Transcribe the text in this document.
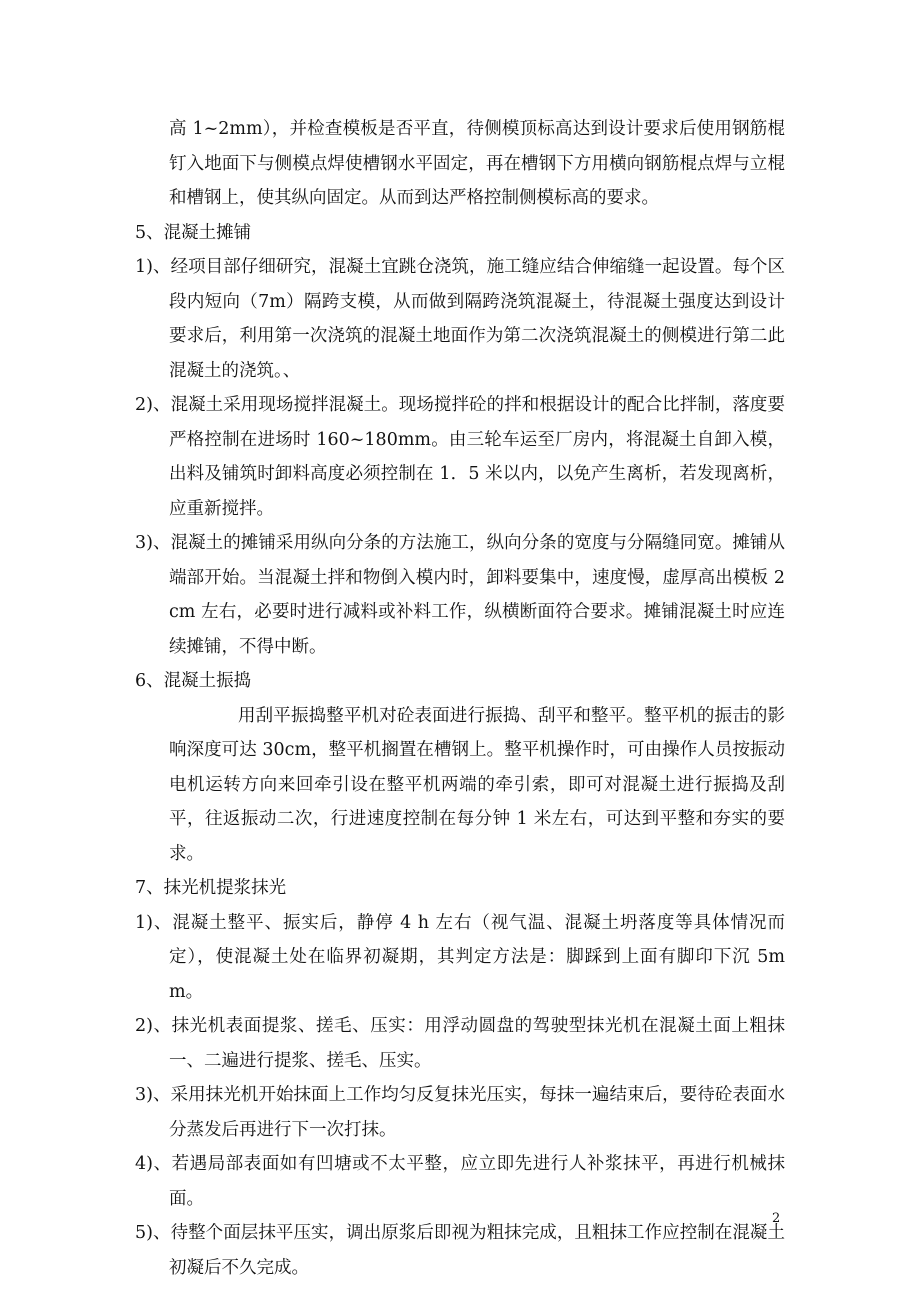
高 1~2mm），并检查模板是否平直，待侧模顶标高达到设计要求后使用钢筋棍钉入地面下与侧模点焊使槽钢水平固定，再在槽钢下方用横向钢筋棍点焊与立棍和槽钢上，使其纵向固定。从而到达严格控制侧模标高的要求。

5、混凝土摊铺

1)、经项目部仔细研究，混凝土宜跳仓浇筑，施工缝应结合伸缩缝一起设置。每个区段内短向（7m）隔跨支模，从而做到隔跨浇筑混凝土，待混凝土强度达到设计要求后，利用第一次浇筑的混凝土地面作为第二次浇筑混凝土的侧模进行第二此混凝土的浇筑。、

2)、混凝土采用现场搅拌混凝土。现场搅拌砼的拌和根据设计的配合比拌制，落度要严格控制在进场时 160~180mm。由三轮车运至厂房内，将混凝土自卸入模，出料及铺筑时卸料高度必须控制在 1．5 米以内，以免产生离析，若发现离析，应重新搅拌。

3)、混凝土的摊铺采用纵向分条的方法施工，纵向分条的宽度与分隔缝同宽。摊铺从端部开始。当混凝土拌和物倒入模内时，卸料要集中，速度慢，虚厚高出模板 2cm 左右，必要时进行减料或补料工作，纵横断面符合要求。摊铺混凝土时应连续摊铺，不得中断。

6、混凝土振捣

用刮平振捣整平机对砼表面进行振捣、刮平和整平。整平机的振击的影响深度可达 30cm，整平机搁置在槽钢上。整平机操作时，可由操作人员按振动电机运转方向来回牵引设在整平机两端的牵引索，即可对混凝土进行振捣及刮平，往返振动二次，行进速度控制在每分钟 1 米左右，可达到平整和夯实的要求。

7、抹光机提浆抹光

1)、混凝土整平、振实后，静停 4 h 左右（视气温、混凝土坍落度等具体情况而定），使混凝土处在临界初凝期，其判定方法是：脚踩到上面有脚印下沉 5mm。

2)、抹光机表面提浆、搓毛、压实：用浮动圆盘的驾驶型抹光机在混凝土面上粗抹一、二遍进行提浆、搓毛、压实。

3)、采用抹光机开始抹面上工作均匀反复抹光压实，每抹一遍结束后，要待砼表面水分蒸发后再进行下一次打抹。

4)、若遇局部表面如有凹塘或不太平整，应立即先进行人补浆抹平，再进行机械抹面。

5)、待整个面层抹平压实，调出原浆后即视为粗抹完成，且粗抹工作应控制在混凝土初凝后不久完成。

2
